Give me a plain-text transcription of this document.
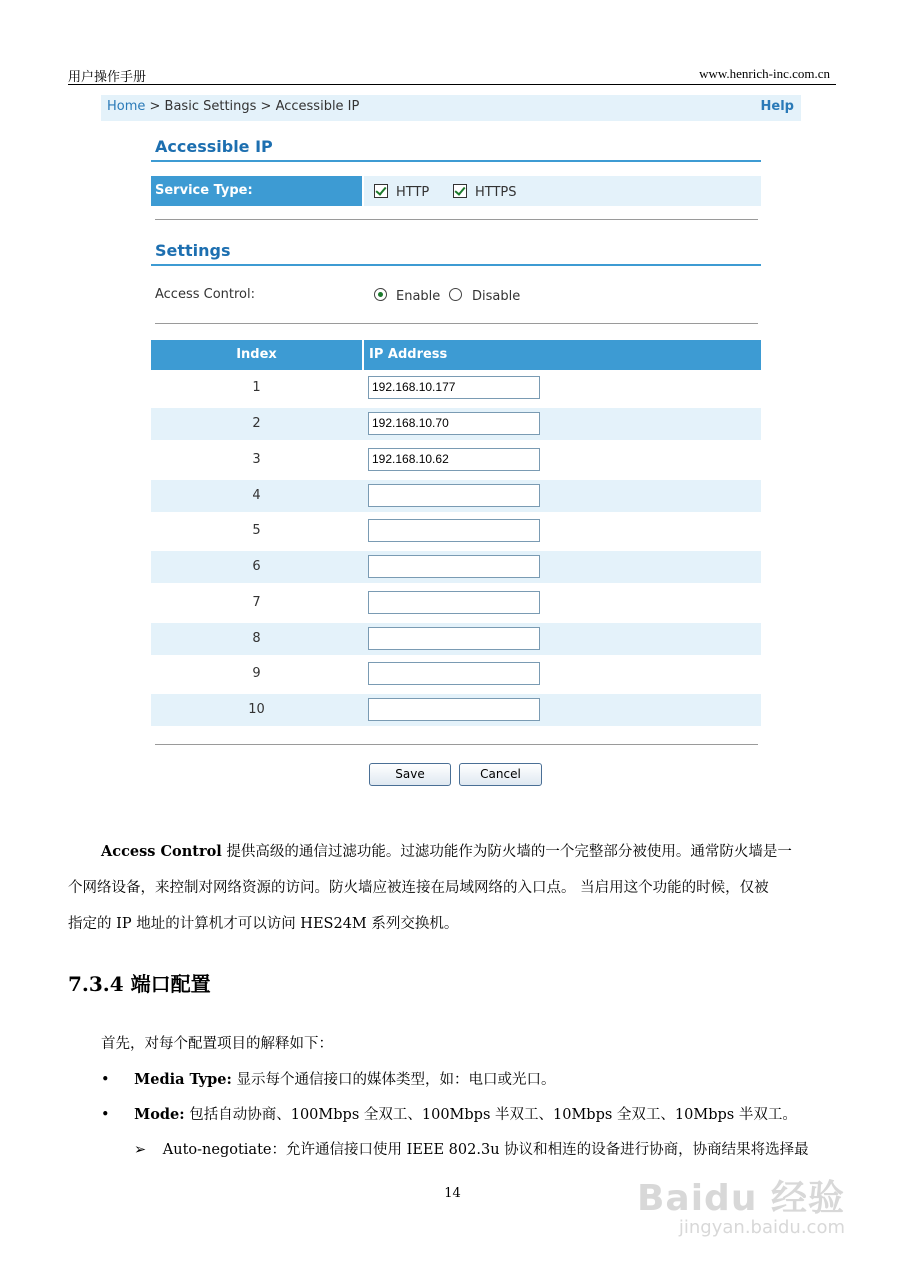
用户操作手册	www.henrich-inc.com.cn
Home > Basic Settings > Accessible IP	Help
Accessible IP
Service Type:	HTTP	HTTPS
Settings
Access Control:	Enable Disable
Index	IP Address
1	192.168.10.177
2	192.168.10.70
3	192.168.10.62
4
5
6
7
8
9
10
Save	Cancel
Access Control 提供高级的通信过滤功能。过滤功能作为防火墙的一个完整部分被使用。通常防火墙是一
个网络设备，来控制对网络资源的访问。防火墙应被连接在局域网络的入口点。 当启用这个功能的时候，仅被
指定的 IP 地址的计算机才可以访问 HES24M 系列交换机。
7.3.4 端口配置
首先，对每个配置项目的解释如下：
• Media Type: 显示每个通信接口的媒体类型，如：电口或光口。
• Mode: 包括自动协商、100Mbps 全双工、100Mbps 半双工、10Mbps 全双工、10Mbps 半双工。
➢ Auto-negotiate：允许通信接口使用 IEEE 802.3u 协议和相连的设备进行协商，协商结果将选择最
14	Baidu 经验
jingyan.baidu.com
